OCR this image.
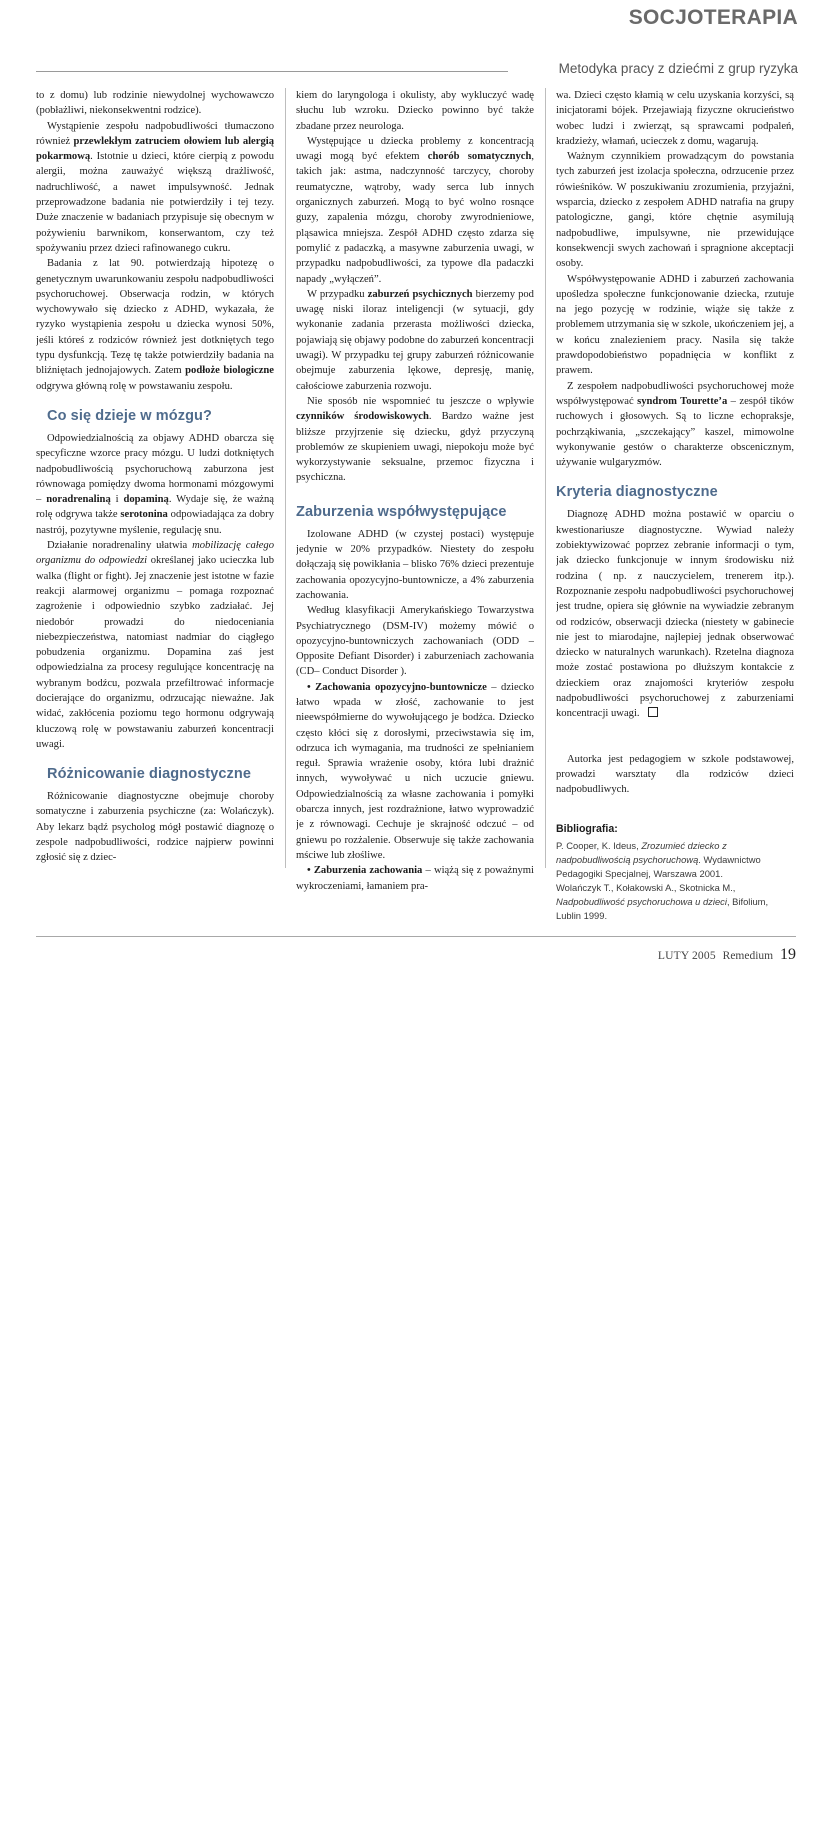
SOCJOTERAPIA
Metodyka pracy z dziećmi z grup ryzyka

to z domu) lub rodzinie niewydolnej wychowawczo (pobłażliwi, niekonsekwentni rodzice).

Wystąpienie zespołu nadpobudliwości tłumaczono również przewlekłym zatruciem ołowiem lub alergią pokarmową. Istotnie u dzieci, które cierpią z powodu alergii, można zauważyć większą drażliwość, nadruchliwość, a nawet impulsywność. Jednak przeprowadzone badania nie potwierdziły i tej tezy. Duże znaczenie w badaniach przypisuje się obecnym w pożywieniu barwnikom, konserwantom, czy też spożywaniu przez dzieci rafinowanego cukru.

Badania z lat 90. potwierdzają hipotezę o genetycznym uwarunkowaniu zespołu nadpobudliwości psychoruchowej. Obserwacja rodzin, w których wychowywało się dziecko z ADHD, wykazała, że ryzyko wystąpienia zespołu u dziecka wynosi 50%, jeśli któreś z rodziców również jest dotkniętych tego typu dysfunkcją. Tezę tę także potwierdziły badania na bliźniętach jednojajowych. Zatem podłoże biologiczne odgrywa główną rolę w powstawaniu zespołu.

Co się dzieje w mózgu?

Odpowiedzialnością za objawy ADHD obarcza się specyficzne wzorce pracy mózgu. U ludzi dotkniętych nadpobudliwością psychoruchową zaburzona jest równowaga pomiędzy dwoma hormonami mózgowymi – noradrenaliną i dopaminą. Wydaje się, że ważną rolę odgrywa także serotonina odpowiadająca za dobry nastrój, pozytywne myślenie, regulację snu.

Działanie noradrenaliny ułatwia mobilizację całego organizmu do odpowiedzi określanej jako ucieczka lub walka (flight or fight). Jej znaczenie jest istotne w fazie reakcji alarmowej organizmu – pomaga rozpoznać zagrożenie i odpowiednio szybko zadziałać. Jej niedobór prowadzi do niedoceniania niebezpieczeństwa, natomiast nadmiar do ciągłego pobudzenia organizmu. Dopamina zaś jest odpowiedzialna za procesy regulujące koncentrację na wybranym bodźcu, pozwala przefiltrować informacje docierające do organizmu, odrzucając nieważne. Jak widać, zakłócenia poziomu tego hormonu odgrywają kluczową rolę w powstawaniu zaburzeń koncentracji uwagi.

Różnicowanie diagnostyczne

Różnicowanie diagnostyczne obejmuje choroby somatyczne i zaburzenia psychiczne (za: Wolańczyk). Aby lekarz bądź psycholog mógł postawić diagnozę o zespole nadpobudliwości, rodzice najpierw powinni zgłosić się z dziec-

kiem do laryngologa i okulisty, aby wykluczyć wadę słuchu lub wzroku. Dziecko powinno być także zbadane przez neurologa.

Występujące u dziecka problemy z koncentracją uwagi mogą być efektem chorób somatycznych, takich jak: astma, nadczynność tarczycy, choroby reumatyczne, wątroby, wady serca lub innych organicznych zaburzeń. Mogą to być wolno rosnące guzy, zapalenia mózgu, choroby zwyrodnieniowe, pląsawica mniejsza. Zespół ADHD często zdarza się pomylić z padaczką, a masywne zaburzenia uwagi, w przypadku nadpobudliwości, za typowe dla padaczki napady „wyłączeń”.

W przypadku zaburzeń psychicznych bierzemy pod uwagę niski iloraz inteligencji (w sytuacji, gdy wykonanie zadania przerasta możliwości dziecka, pojawiają się objawy podobne do zaburzeń koncentracji uwagi). W przypadku tej grupy zaburzeń różnicowanie obejmuje zaburzenia lękowe, depresję, manię, całościowe zaburzenia rozwoju.

Nie sposób nie wspomnieć tu jeszcze o wpływie czynników środowiskowych. Bardzo ważne jest bliższe przyjrzenie się dziecku, gdyż przyczyną problemów ze skupieniem uwagi, niepokoju może być wykorzystywanie seksualne, przemoc fizyczna i psychiczna.

Zaburzenia współwystępujące

Izolowane ADHD (w czystej postaci) występuje jedynie w 20% przypadków. Niestety do zespołu dołączają się powikłania – blisko 76% dzieci prezentuje zachowania opozycyjno-buntownicze, a 4% zaburzenia zachowania.

Według klasyfikacji Amerykańskiego Towarzystwa Psychiatrycznego (DSM-IV) możemy mówić o opozycyjno-buntowniczych zachowaniach (ODD – Opposite Defiant Disorder) i zaburzeniach zachowania (CD– Conduct Disorder ).

• Zachowania opozycyjno-buntownicze – dziecko łatwo wpada w złość, zachowanie to jest nieewspółmierne do wywołującego je bodźca. Dziecko często kłóci się z dorosłymi, przeciwstawia się im, odrzuca ich wymagania, ma trudności ze spełnianiem reguł. Sprawia wrażenie osoby, która lubi drażnić innych, wywoływać u nich uczucie gniewu. Odpowiedzialnością za własne zachowania i pomyłki obarcza innych, jest rozdrażnione, łatwo wyprowadzić je z równowagi. Cechuje je skrajność odczuć – od gniewu po rozżalenie. Obserwuje się także zachowania mściwe lub złośliwe.

• Zaburzenia zachowania – wiążą się z poważnymi wykroczeniami, łamaniem pra-

wa. Dzieci często kłamią w celu uzyskania korzyści, są inicjatorami bójek. Przejawiają fizyczne okrucieństwo wobec ludzi i zwierząt, są sprawcami podpaleń, kradzieży, włamań, ucieczek z domu, wagarują.

Ważnym czynnikiem prowadzącym do powstania tych zaburzeń jest izolacja społeczna, odrzucenie przez rówieśników. W poszukiwaniu zrozumienia, przyjaźni, wsparcia, dziecko z zespołem ADHD natrafia na grupy patologiczne, gangi, które chętnie asymilują nadpobudliwe, impulsywne, nie przewidujące konsekwencji swych zachowań i spragnione akceptacji osoby.

Współwystępowanie ADHD i zaburzeń zachowania upośledza społeczne funkcjonowanie dziecka, rzutuje na jego pozycję w rodzinie, wiąże się także z problemem utrzymania się w szkole, ukończeniem jej, a w końcu znalezieniem pracy. Nasila się także prawdopodobieństwo popadnięcia w konflikt z prawem.

Z zespołem nadpobudliwości psychoruchowej może współwystępować syndrom Tourette’a – zespół tików ruchowych i głosowych. Są to liczne echopraksje, pochrząkiwania, „szczekający” kaszel, mimowolne wykonywanie gestów o charakterze obscenicznym, używanie wulgaryzmów.

Kryteria diagnostyczne

Diagnozę ADHD można postawić w oparciu o kwestionariusze diagnostyczne. Wywiad należy zobiektywizować poprzez zebranie informacji o tym, jak dziecko funkcjonuje w innym środowisku niż rodzina ( np. z nauczycielem, trenerem itp.). Rozpoznanie zespołu nadpobudliwości psychoruchowej jest trudne, opiera się głównie na wywiadzie zebranym od rodziców, obserwacji dziecka (niestety w gabinecie nie jest to miarodajne, najlepiej jednak obserwować dziecko w naturalnych warunkach). Rzetelna diagnoza może zostać postawiona po dłuższym kontakcie z dzieckiem oraz znajomości kryteriów zespołu nadpobudliwości psychoruchowej z zaburzeniami koncentracji uwagi.

Autorka jest pedagogiem w szkole podstawowej, prowadzi warsztaty dla rodziców dzieci nadpobudliwych.

Bibliografia:

P. Cooper, K. Ideus, Zrozumieć dziecko z nadpobudliwością psychoruchową. Wydawnictwo Pedagogiki Specjalnej, Warszawa 2001.

Wolańczyk T., Kołakowski A., Skotnicka M., Nadpobudliwość psychoruchowa u dzieci, Bifolium, Lublin 1999.

LUTY 2005 Remedium 19
